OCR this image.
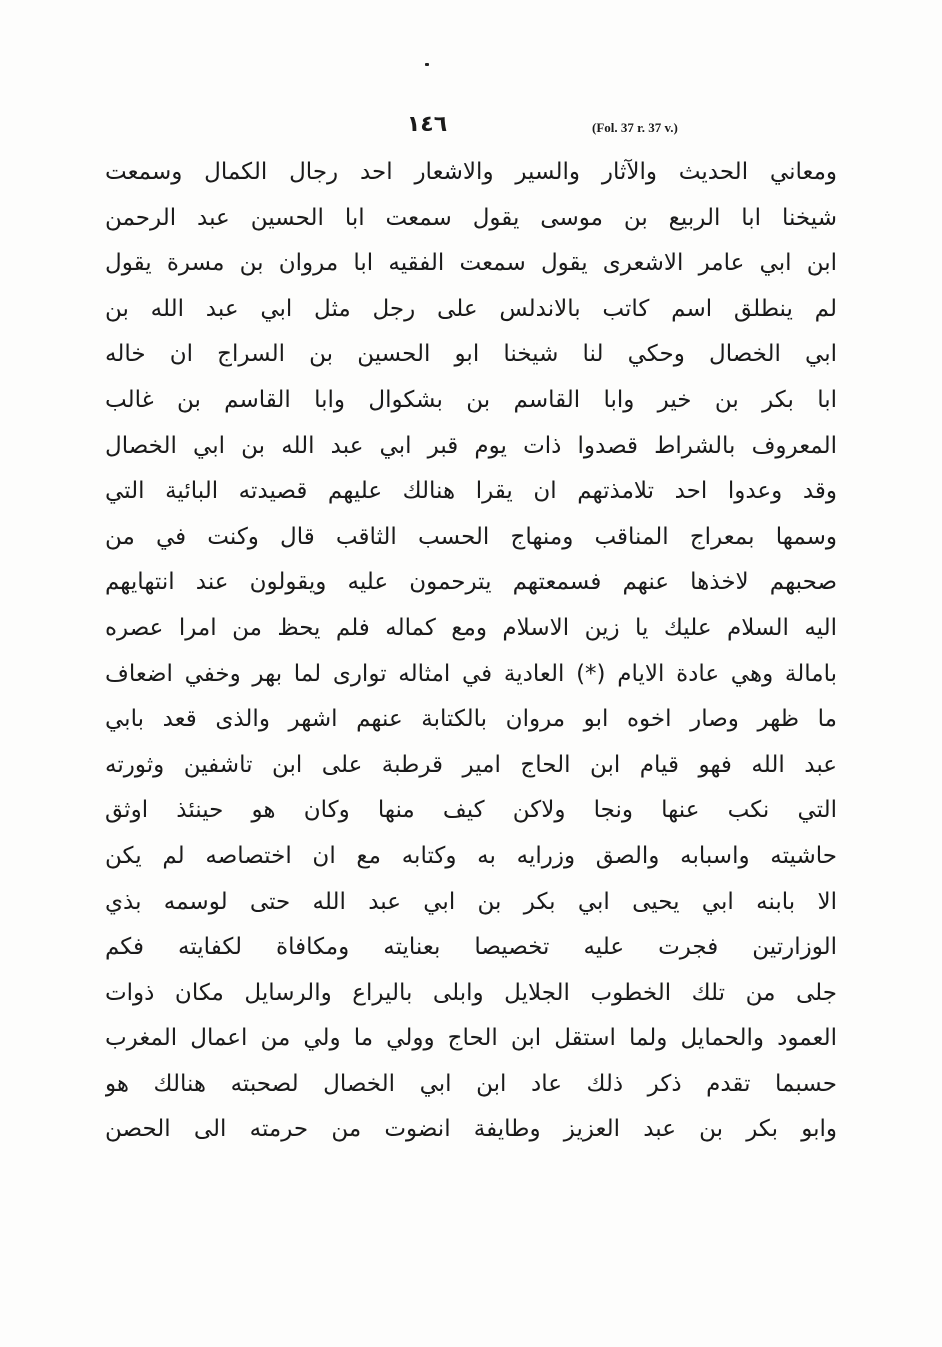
١٤٦	(Fol. 37 r. 37 v.)
ومعاني الحديث والآثار والسير والاشعار احد رجال الكمال وسمعت
شيخنا ابا الربيع بن موسى يقول سمعت ابا الحسين عبد الرحمن
ابن ابي عامر الاشعرى يقول سمعت الفقيه ابا مروان بن مسرة يقول
لم ينطلق اسم كاتب بالاندلس على رجل مثل ابي عبد الله بن
ابي الخصال وحكي لنا شيخنا ابو الحسين بن السراج ان خاله
ابا بكر بن خير وابا القاسم بن بشكوال وابا القاسم بن غالب
المعروف بالشراط قصدوا ذات يوم قبر ابي عبد الله بن ابي الخصال
وقد وعدوا احد تلامذتهم ان يقرا هنالك عليهم قصيدته البائية التي
وسمها بمعراج المناقب ومنهاج الحسب الثاقب قال وكنت في من
صحبهم لاخذها عنهم فسمعتهم يترحمون عليه ويقولون عند انتهايهم
اليه السلام عليك يا زين الاسلام ومع كماله فلم يحظ من امرا عصره
بامالة وهي عادة الايام (*) العادية في امثاله توارى لما بهر وخفي اضعاف
ما ظهر وصار اخوه ابو مروان بالكتابة عنهم اشهر والذى قعد بابي
عبد الله فهو قيام ابن الحاج امير قرطبة على ابن تاشفين وثورته
التي نكب عنها ونجا ولاكن كيف منها وكان هو حينئذ اوثق
حاشيته واسبابه والصق وزرايه به وكتابه مع ان اختصاصه لم يكن
الا بابنه ابي يحيى ابي بكر بن ابي عبد الله حتى لوسمه بذي
الوزارتين فجرت عليه تخصيصا بعنايته ومكافاة لكفايته فكم
جلى من تلك الخطوب الجلايل وابلى باليراع والرسايل مكان ذوات
العمود والحمايل ولما استقل ابن الحاج وولي ما ولي من اعمال المغرب
حسبما تقدم ذكر ذلك عاد ابن ابي الخصال لصحبته هنالك هو
وابو بكر بن عبد العزيز وطايفة انضوت من حرمته الى الحصن
